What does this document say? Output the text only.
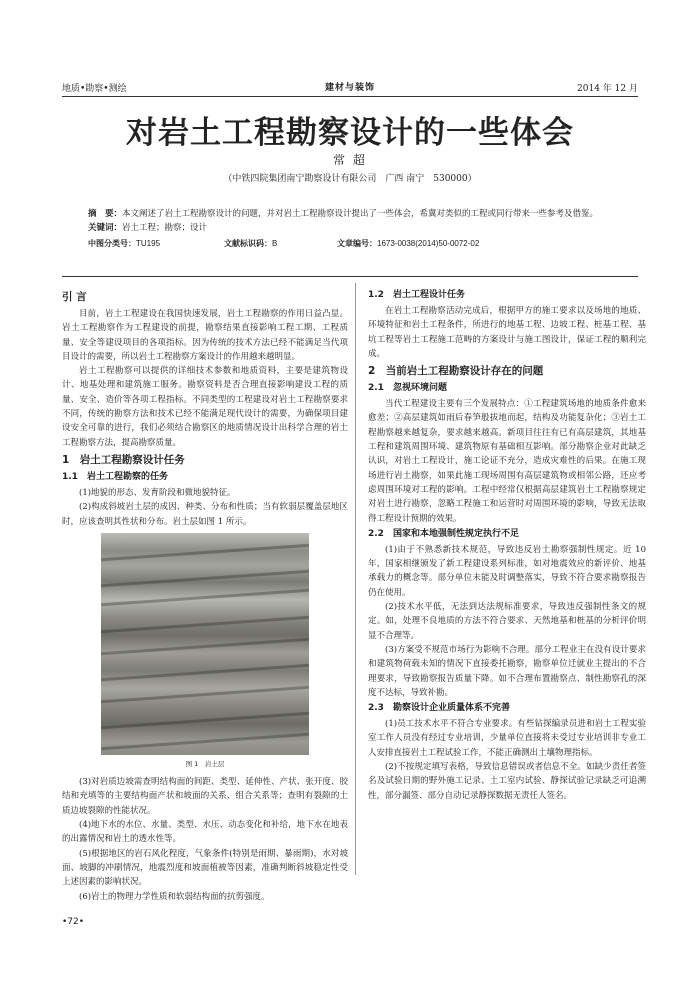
地质•勘察•测绘	建材与装饰	2014 年 12 月
对岩土工程勘察设计的一些体会
常 超
（中铁四院集团南宁勘察设计有限公司　广西 南宁　530000）
摘　要：本文阐述了岩土工程勘察设计的问题，并对岩土工程勘察设计提出了一些体会，希冀对类似的工程或同行带来一些参考及借鉴。
关键词：岩土工程；勘察；设计
中图分类号：TU195	文献标识码：B	文章编号：1673-0038(2014)50-0072-02
引 言

目前，岩土工程建设在我国快速发展，岩土工程勘察的作用日益凸显。岩土工程勘察作为工程建设的前提，勘察结果直接影响工程工期、工程质量、安全等建设项目的各项指标。因为传统的技术方法已经不能满足当代项目设计的需要，所以岩土工程勘察方案设计的作用越来越明显。

岩土工程勘察可以提供的详细技术参数和地质资料，主要是建筑物设计、地基处理和建筑施工服务。勘察资料是否合理直接影响建设工程的质量、安全、造价等各项工程指标。不同类型的工程建设对岩土工程勘察要求不同，传统的勘察方法和技术已经不能满足现代设计的需要，为确保项目建设安全可靠的进行，我们必须结合勘察区的地质情况设计出科学合理的岩土工程勘察方法，提高勘察质量。

1　岩土工程勘察设计任务
1.1　岩土工程勘察的任务

(1)地貌的形态、发育阶段和微地貌特征。

(2)构成斜坡岩土层的成因、种类、分布和性质；当有软弱层覆盖层地区时，应该查明其性状和分布。岩土层如图 1 所示。

图 1　岩土层

(3)对岩质边坡需查明结构面的间距、类型、延伸性、产状、张开度、胶结和充填等的主要结构面产状和坡面的关系、组合关系等；查明有裂隙的土质边坡裂隙的性能状况。

(4)地下水的水位、水量、类型、水压、动态变化和补给，地下水在地表的出露情况和岩土的透水性等。

(5)根据地区的岩石风化程度，气象条件(特别是雨期、暴雨期)，水对坡面、坡脚的冲刷情况，地震烈度和坡面植被等因素，准确判断斜坡稳定性受上述因素的影响状况。

(6)岩土的物理力学性质和软弱结构面的抗剪强度。

1.2　岩土工程设计任务

在岩土工程勘察活动完成后，根据甲方的施工要求以及场地的地质、环境特征和岩土工程条件，所进行的地基工程、边坡工程、桩基工程、基坑工程等岩土工程施工范畴的方案设计与施工图设计，保证工程的顺利完成。

2　当前岩土工程勘察设计存在的问题
2.1　忽视环境问题

当代工程建设主要有三个发展特点：①工程建筑场地的地质条件愈来愈差；②高层建筑如雨后春笋般拔地而起，结构及功能复杂化；③岩土工程勘察越来越复杂，要求越来越高。新项目往往有已有高层建筑，其地基工程和建筑周围环境、建筑物原有基础相互影响。部分勘察企业对此缺乏认识，对岩土工程设计，施工论证不充分，造成灾难性的后果。在施工现场进行岩土勘察，如果此施工现场周围有高层建筑物或相邻公路，还应考虑周围环境对工程的影响。工程中经常仅根据高层建筑岩土工程勘察规定对岩土进行勘察，忽略工程施工和运营时对周围环境的影响，导致无法取得工程设计预期的效果。

2.2　国家和本地强制性规定执行不足

(1)由于不熟悉新技术规范，导致违反岩土勘察强制性规定。近 10 年，国家相继颁发了新工程建设系列标准，如对地震效应的新评价、地基承载力的概念等。部分单位未能及时调整落实，导致不符合要求勘察报告仍在使用。

(2)技术水平低，无法到达法规标准要求，导致违反强制性条文的规定。如，处理不良地质的方法不符合要求、天然地基和桩基的分析评价明显不合理等。

(3)方案受不规范市场行为影响不合理。部分工程业主在没有设计要求和建筑物荷载未知的情况下直接委托勘察，勘察单位迁就业主提出的不合理要求，导致勘察报告质量下降。如不合理布置勘察点、制性勘察孔的深度不达标，导致补勘。

2.3　勘察设计企业质量体系不完善

(1)员工技术水平不符合专业要求。有些钻探编录员进和岩土工程实验室工作人员没有经过专业培训，少量单位直接将未受过专业培训非专业工人安排直接岩土工程试验工作，不能正确测出土壤物理指标。

(2)不按规定填写表格，导致信息错误或者信息不全。如缺少责任者签名及试验日期的野外施工记录、土工室内试验、静探试验记录缺乏可追溯性，部分漏签、部分自动记录静探数据无责任人签名。

•72•
